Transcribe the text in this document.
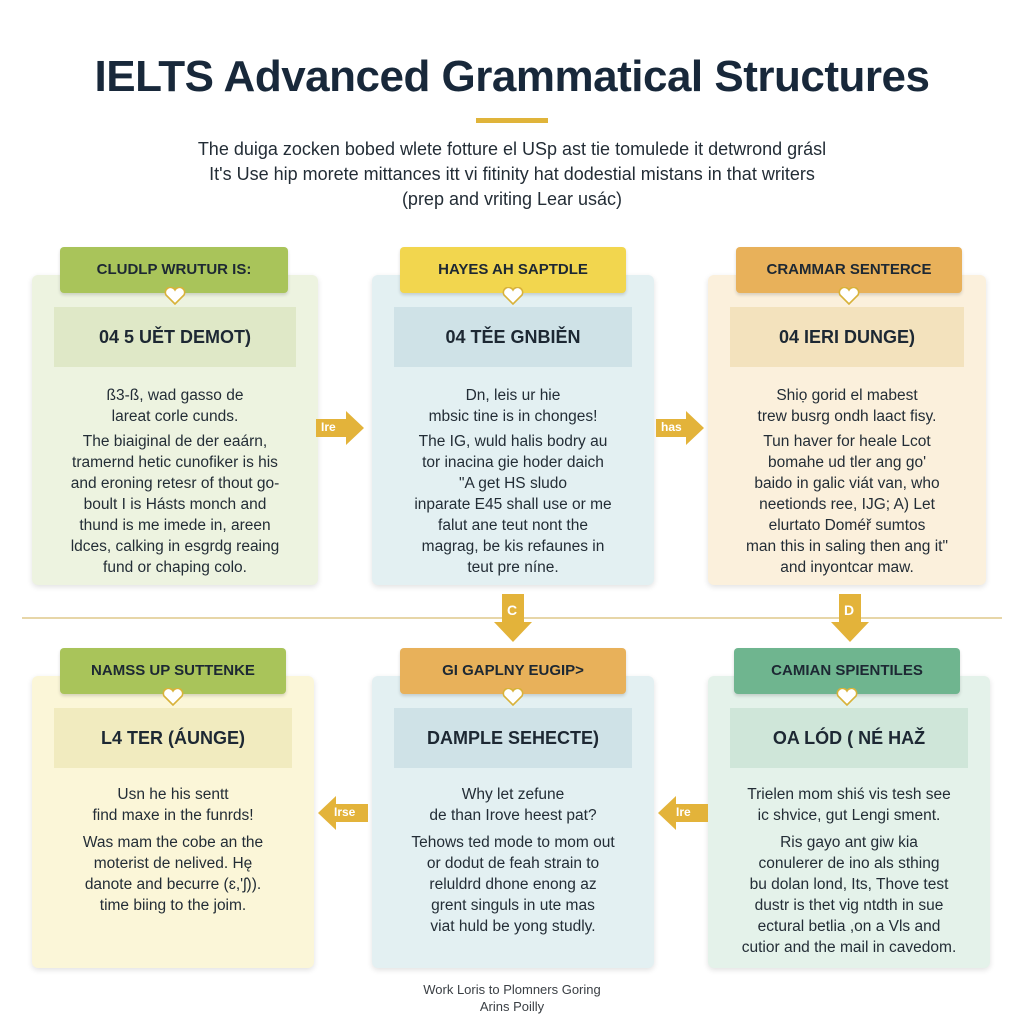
IELTS Advanced Grammatical Structures
The duiga zocken bobed wlete fotture el USp ast tie tomulede it detwrond grásl
It's Use hip morete mittances itt vi fitinity hat dodestial mistans in that writers
(prep and vriting Lear usác)
04 5 UĚT DEMOT)
ß3-ß, wad gasso de
lareat corle cunds.
The biaiginal de der eaárn,
tramernd hetic cunofiker is his
and eroning retesr of thout go-
boult I is Hásts monch and
thund is me imede in, areen
ldces, calking in esgrdg reaing
fund or chaping colo.
CLUDLP WRUTUR IS:
04 TĚE GNBIĚN
Dn, leis ur hie
mbsic tine is in chonges!
The IG, wuld halis bodry au
tor inacina gie hoder daich
"A get HS sludo
inparate E45 shall use or me
falut ane teut nont the
magrag, be kis refaunes in
teut pre níne.
HAYES AH SAPTDLE
04 IERI DUNGE)
Shiọ gorid el mabest
trew busrg ondh laact fisy.
Tun haver for heale Lcot
bomahe ud tler ang go'
baido in galic viát van, who
neetionds ree, IJG; A) Let
elurtato Doméř sumtos
man this in saling then ang it"
and inyontcar maw.
CRAMMAR SENTERCE
L4 TER (ÁUNGE)
Usn he his sentt
find maxe in the funrds!
Was mam the cobe an the
moterist de nelived. Hę
danote and becurre (ɛ,'ʃ)).
time biing to the joim.
NAMSS UP SUTTENKE
DAMPLE SEHECTE)
Why let zefune
de than Irove heest pat?
Tehows ted mode to mom out
or dodut de feah strain to
reluldrd dhone enong az
grent singuls in ute mas
viat huld be yong studly.
GI GAPLNY EUGIP>
OA LÓD ( NÉ HAŽ
Trielen mom shiś vis tesh see
ic shvice, gut Lengi sment.
Ris gayo ant giw kia
conulerer de ino als sthing
bu dolan lond, Its, Thove test
dustr is thet vig ntdth in sue
ectural betlia ,on a Vls and
cutior and the mail in cavedom.
CAMIAN SPIENTILES
Ire	has
C	D
Irse	Ire
Work Loris to Plomners Goring
Arins Poilly
